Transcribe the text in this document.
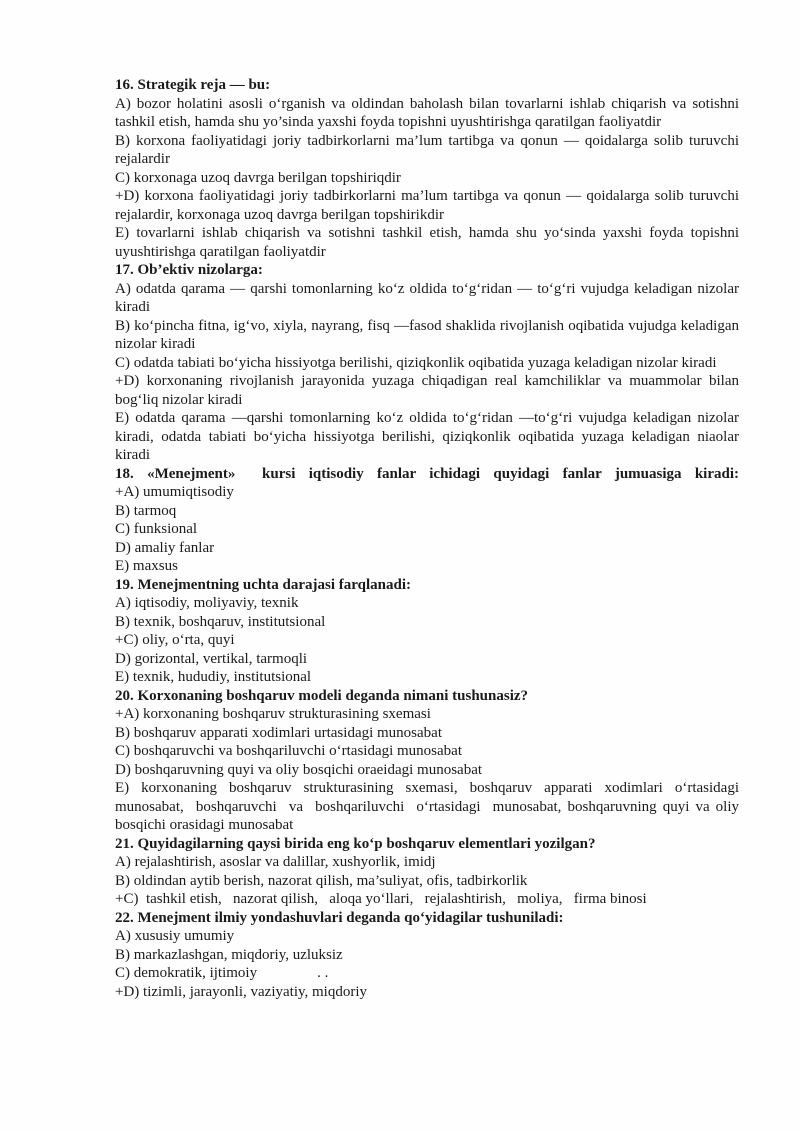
16. Strategik reja — bu:

A) bozor holatini asosli oʻrganish va oldindan baholash bilan tovarlarni ishlab chiqarish va sotishni tashkil etish, hamda shu yo’sinda yaxshi foyda topishni uyushtirishga qaratilgan faoliyatdir

B) korxona faoliyatidagi joriy tadbirkorlarni ma’lum tartibga va qonun — qoidalarga solib turuvchi rejalardir

C) korxonaga uzoq davrga berilgan topshiriqdir

+D) korxona faoliyatidagi joriy tadbirkorlarni ma’lum tartibga va qonun — qoidalarga solib turuvchi rejalardir, korxonaga uzoq davrga berilgan topshirikdir

E) tovarlarni ishlab chiqarish va sotishni tashkil etish, hamda shu yoʻsinda yaxshi foyda topishni uyushtirishga qaratilgan faoliyatdir

17. Ob’ektiv nizolarga:

A) odatda qarama — qarshi tomonlarning koʻz oldida toʻgʻridan — toʻgʻri vujudga keladigan nizolar kiradi

B) koʻpincha fitna, igʻvo, xiyla, nayrang, fisq —fasod shaklida rivojlanish oqibatida vujudga keladigan nizolar kiradi

C) odatda tabiati boʻyicha hissiyotga berilishi, qiziqkonlik oqibatida yuzaga keladigan nizolar kiradi

+D) korxonaning rivojlanish jarayonida yuzaga chiqadigan real kamchiliklar va muammolar bilan bogʻliq nizolar kiradi

E) odatda qarama —qarshi tomonlarning koʻz oldida toʻgʻridan —toʻgʻri vujudga keladigan nizolar kiradi, odatda tabiati boʻyicha hissiyotga berilishi, qiziqkonlik oqibatida yuzaga keladigan niaolar kiradi

18. «Menejment»  kursi iqtisodiy fanlar ichidagi quyidagi fanlar jumuasiga kiradi:

+A) umumiqtisodiy

B) tarmoq

C) funksional

D) amaliy fanlar

E) maxsus

19. Menejmentning uchta darajasi farqlanadi:

A) iqtisodiy, moliyaviy, texnik

B) texnik, boshqaruv, institutsional

+C) oliy, oʻrta, quyi

D) gorizontal, vertikal, tarmoqli

E) texnik, hududiy, institutsional

20. Korxonaning boshqaruv modeli deganda nimani tushunasiz?

+A) korxonaning boshqaruv strukturasining sxemasi

B) boshqaruv apparati xodimlari urtasidagi munosabat

C) boshqaruvchi va boshqariluvchi oʻrtasidagi munosabat

D) boshqaruvning quyi va oliy bosqichi oraeidagi munosabat

E) korxonaning boshqaruv strukturasining sxemasi, boshqaruv apparati xodimlari oʻrtasidagi munosabat,  boshqaruvchi  va  boshqariluvchi  oʻrtasidagi  munosabat, boshqaruvning quyi va oliy bosqichi orasidagi munosabat

21. Quyidagilarning qaysi birida eng koʻp boshqaruv elementlari yozilgan?

A) rejalashtirish, asoslar va dalillar, xushyorlik, imidj

B) oldindan aytib berish, nazorat qilish, ma’suliyat, ofis, tadbirkorlik

+C)  tashkil etish,   nazorat qilish,   aloqa yoʻllari,   rejalashtirish,   moliya,   firma binosi

22. Menejment ilmiy yondashuvlari deganda qoʻyidagilar tushuniladi:

A) xususiy umumiy

B) markazlashgan, miqdoriy, uzluksiz

C) demokratik, ijtimoiy                . .

+D) tizimli, jarayonli, vaziyatiy, miqdoriy
